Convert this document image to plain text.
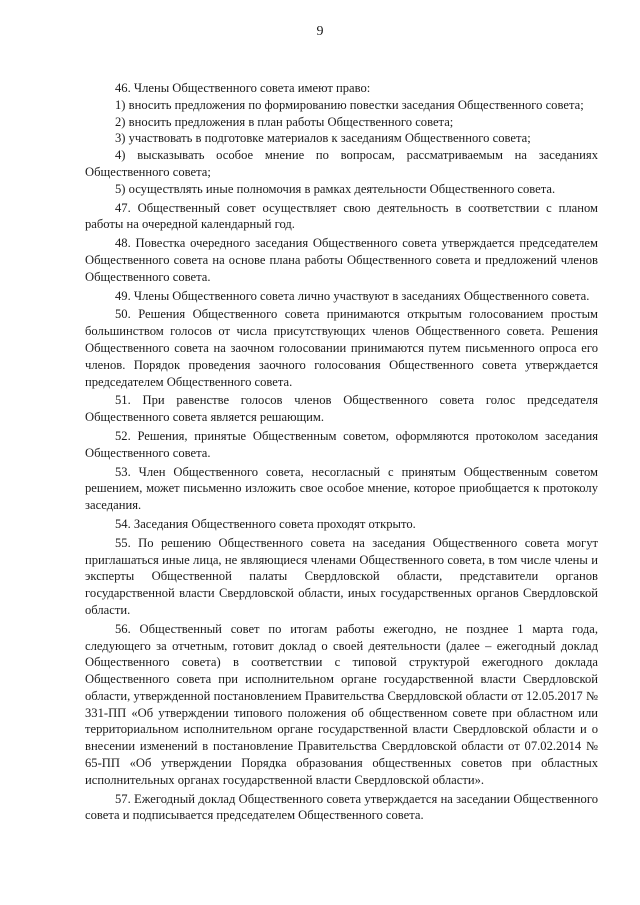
9

46. Члены Общественного совета имеют право:

1) вносить предложения по формированию повестки заседания Общественного совета;

2) вносить предложения в план работы Общественного совета;

3) участвовать в подготовке материалов к заседаниям Общественного совета;

4) высказывать особое мнение по вопросам, рассматриваемым на заседаниях Общественного совета;

5) осуществлять иные полномочия в рамках деятельности Общественного совета.

47. Общественный совет осуществляет свою деятельность в соответствии с планом работы на очередной календарный год.

48. Повестка очередного заседания Общественного совета утверждается председателем Общественного совета на основе плана работы Общественного совета и предложений членов Общественного совета.

49. Члены Общественного совета лично участвуют в заседаниях Общественного совета.

50. Решения Общественного совета принимаются открытым голосованием простым большинством голосов от числа присутствующих членов Общественного совета. Решения Общественного совета на заочном голосовании принимаются путем письменного опроса его членов. Порядок проведения заочного голосования Общественного совета утверждается председателем Общественного совета.

51. При равенстве голосов членов Общественного совета голос председателя Общественного совета является решающим.

52. Решения, принятые Общественным советом, оформляются протоколом заседания Общественного совета.

53. Член Общественного совета, несогласный с принятым Общественным советом решением, может письменно изложить свое особое мнение, которое приобщается к протоколу заседания.

54. Заседания Общественного совета проходят открыто.

55. По решению Общественного совета на заседания Общественного совета могут приглашаться иные лица, не являющиеся членами Общественного совета, в том числе члены и эксперты Общественной палаты Свердловской области, представители органов государственной власти Свердловской области, иных государственных органов Свердловской области.

56. Общественный совет по итогам работы ежегодно, не позднее 1 марта года, следующего за отчетным, готовит доклад о своей деятельности (далее – ежегодный доклад Общественного совета) в соответствии с типовой структурой ежегодного доклада Общественного совета при исполнительном органе государственной власти Свердловской области, утвержденной постановлением Правительства Свердловской области от 12.05.2017 № 331-ПП «Об утверждении типового положения об общественном совете при областном или территориальном исполнительном органе государственной власти Свердловской области и о внесении изменений в постановление Правительства Свердловской области от 07.02.2014 № 65-ПП «Об утверждении Порядка образования общественных советов при областных исполнительных органах государственной власти Свердловской области».

57. Ежегодный доклад Общественного совета утверждается на заседании Общественного совета и подписывается председателем Общественного совета.
